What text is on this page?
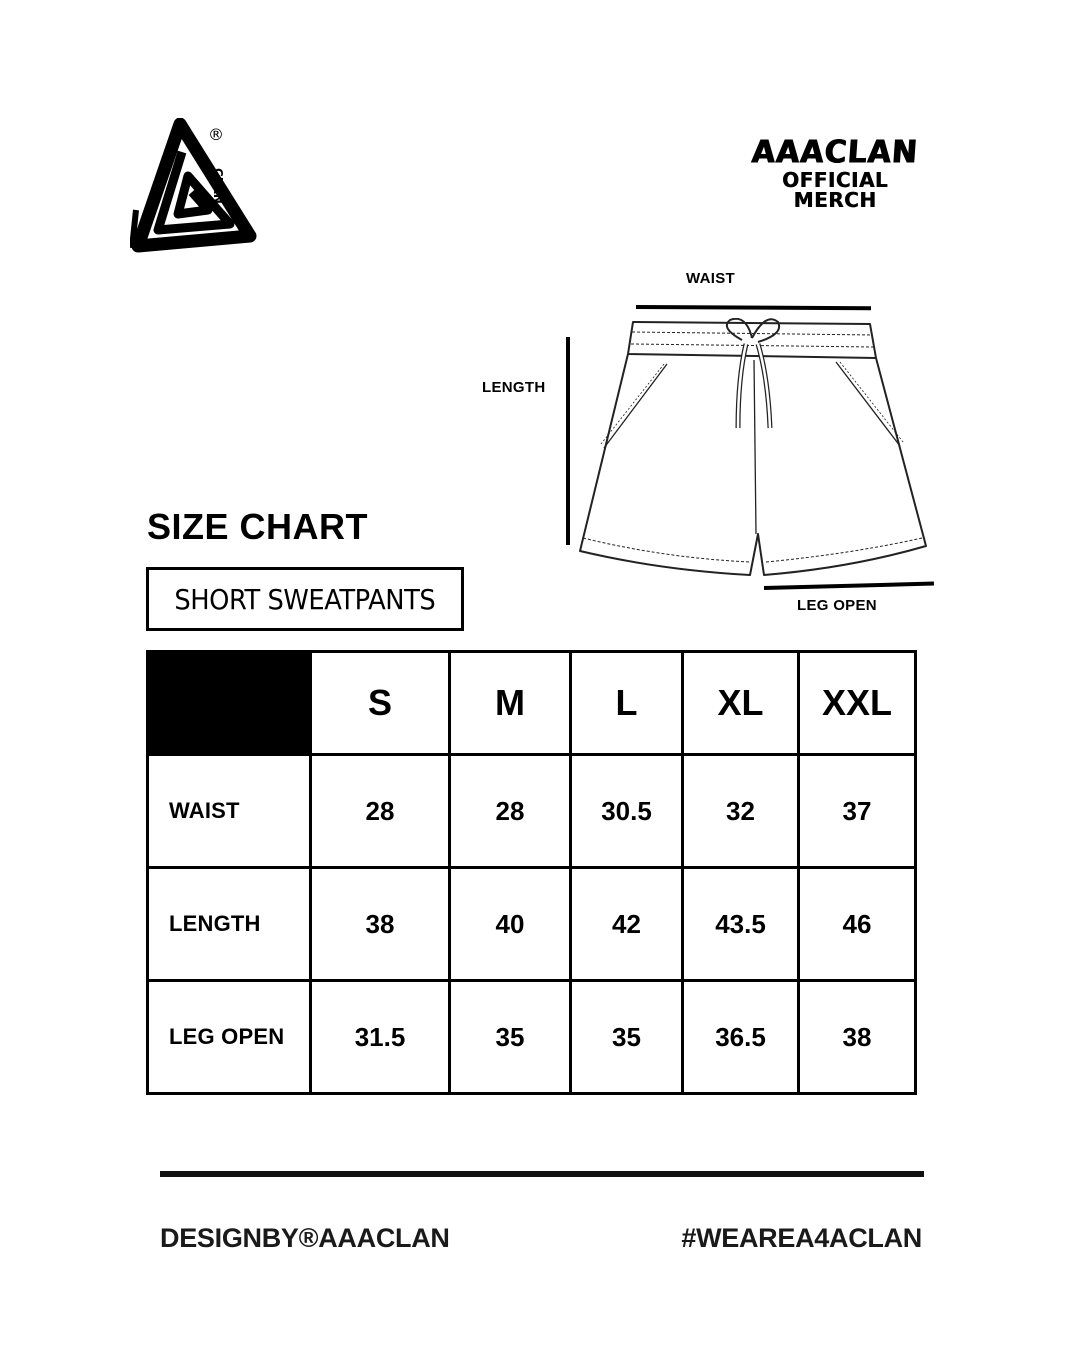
CLAN
®	AAACLAN
OFFICIAL MERCH
WAIST
LENGTH
LEG OPEN
SIZE CHART
SHORT SWEATPANTS
	S	M	L	XL	XXL
WAIST	28	28	30.5	32	37
LENGTH	38	40	42	43.5	46
LEG OPEN	31.5	35	35	36.5	38
DESIGNBY®AAACLAN	#WEAREA4ACLAN
